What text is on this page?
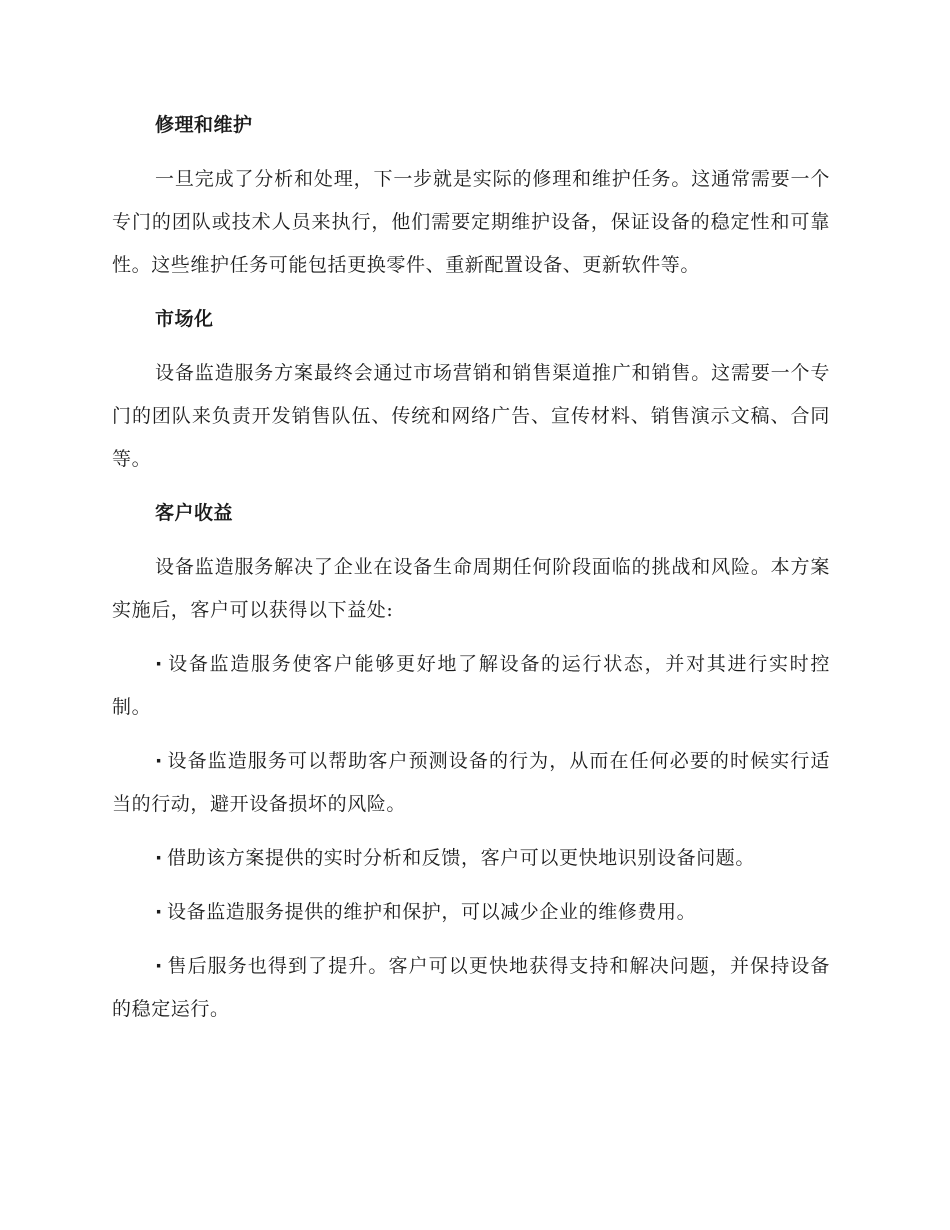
修理和维护

一旦完成了分析和处理，下一步就是实际的修理和维护任务。这通常需要一个专门的团队或技术人员来执行，他们需要定期维护设备，保证设备的稳定性和可靠性。这些维护任务可能包括更换零件、重新配置设备、更新软件等。

市场化

设备监造服务方案最终会通过市场营销和销售渠道推广和销售。这需要一个专门的团队来负责开发销售队伍、传统和网络广告、宣传材料、销售演示文稿、合同等。

客户收益

设备监造服务解决了企业在设备生命周期任何阶段面临的挑战和风险。本方案实施后，客户可以获得以下益处:

· 设备监造服务使客户能够更好地了解设备的运行状态，并对其进行实时控制。

· 设备监造服务可以帮助客户预测设备的行为，从而在任何必要的时候实行适当的行动，避开设备损坏的风险。

· 借助该方案提供的实时分析和反馈，客户可以更快地识别设备问题。

· 设备监造服务提供的维护和保护，可以减少企业的维修费用。

· 售后服务也得到了提升。客户可以更快地获得支持和解决问题，并保持设备的稳定运行。
